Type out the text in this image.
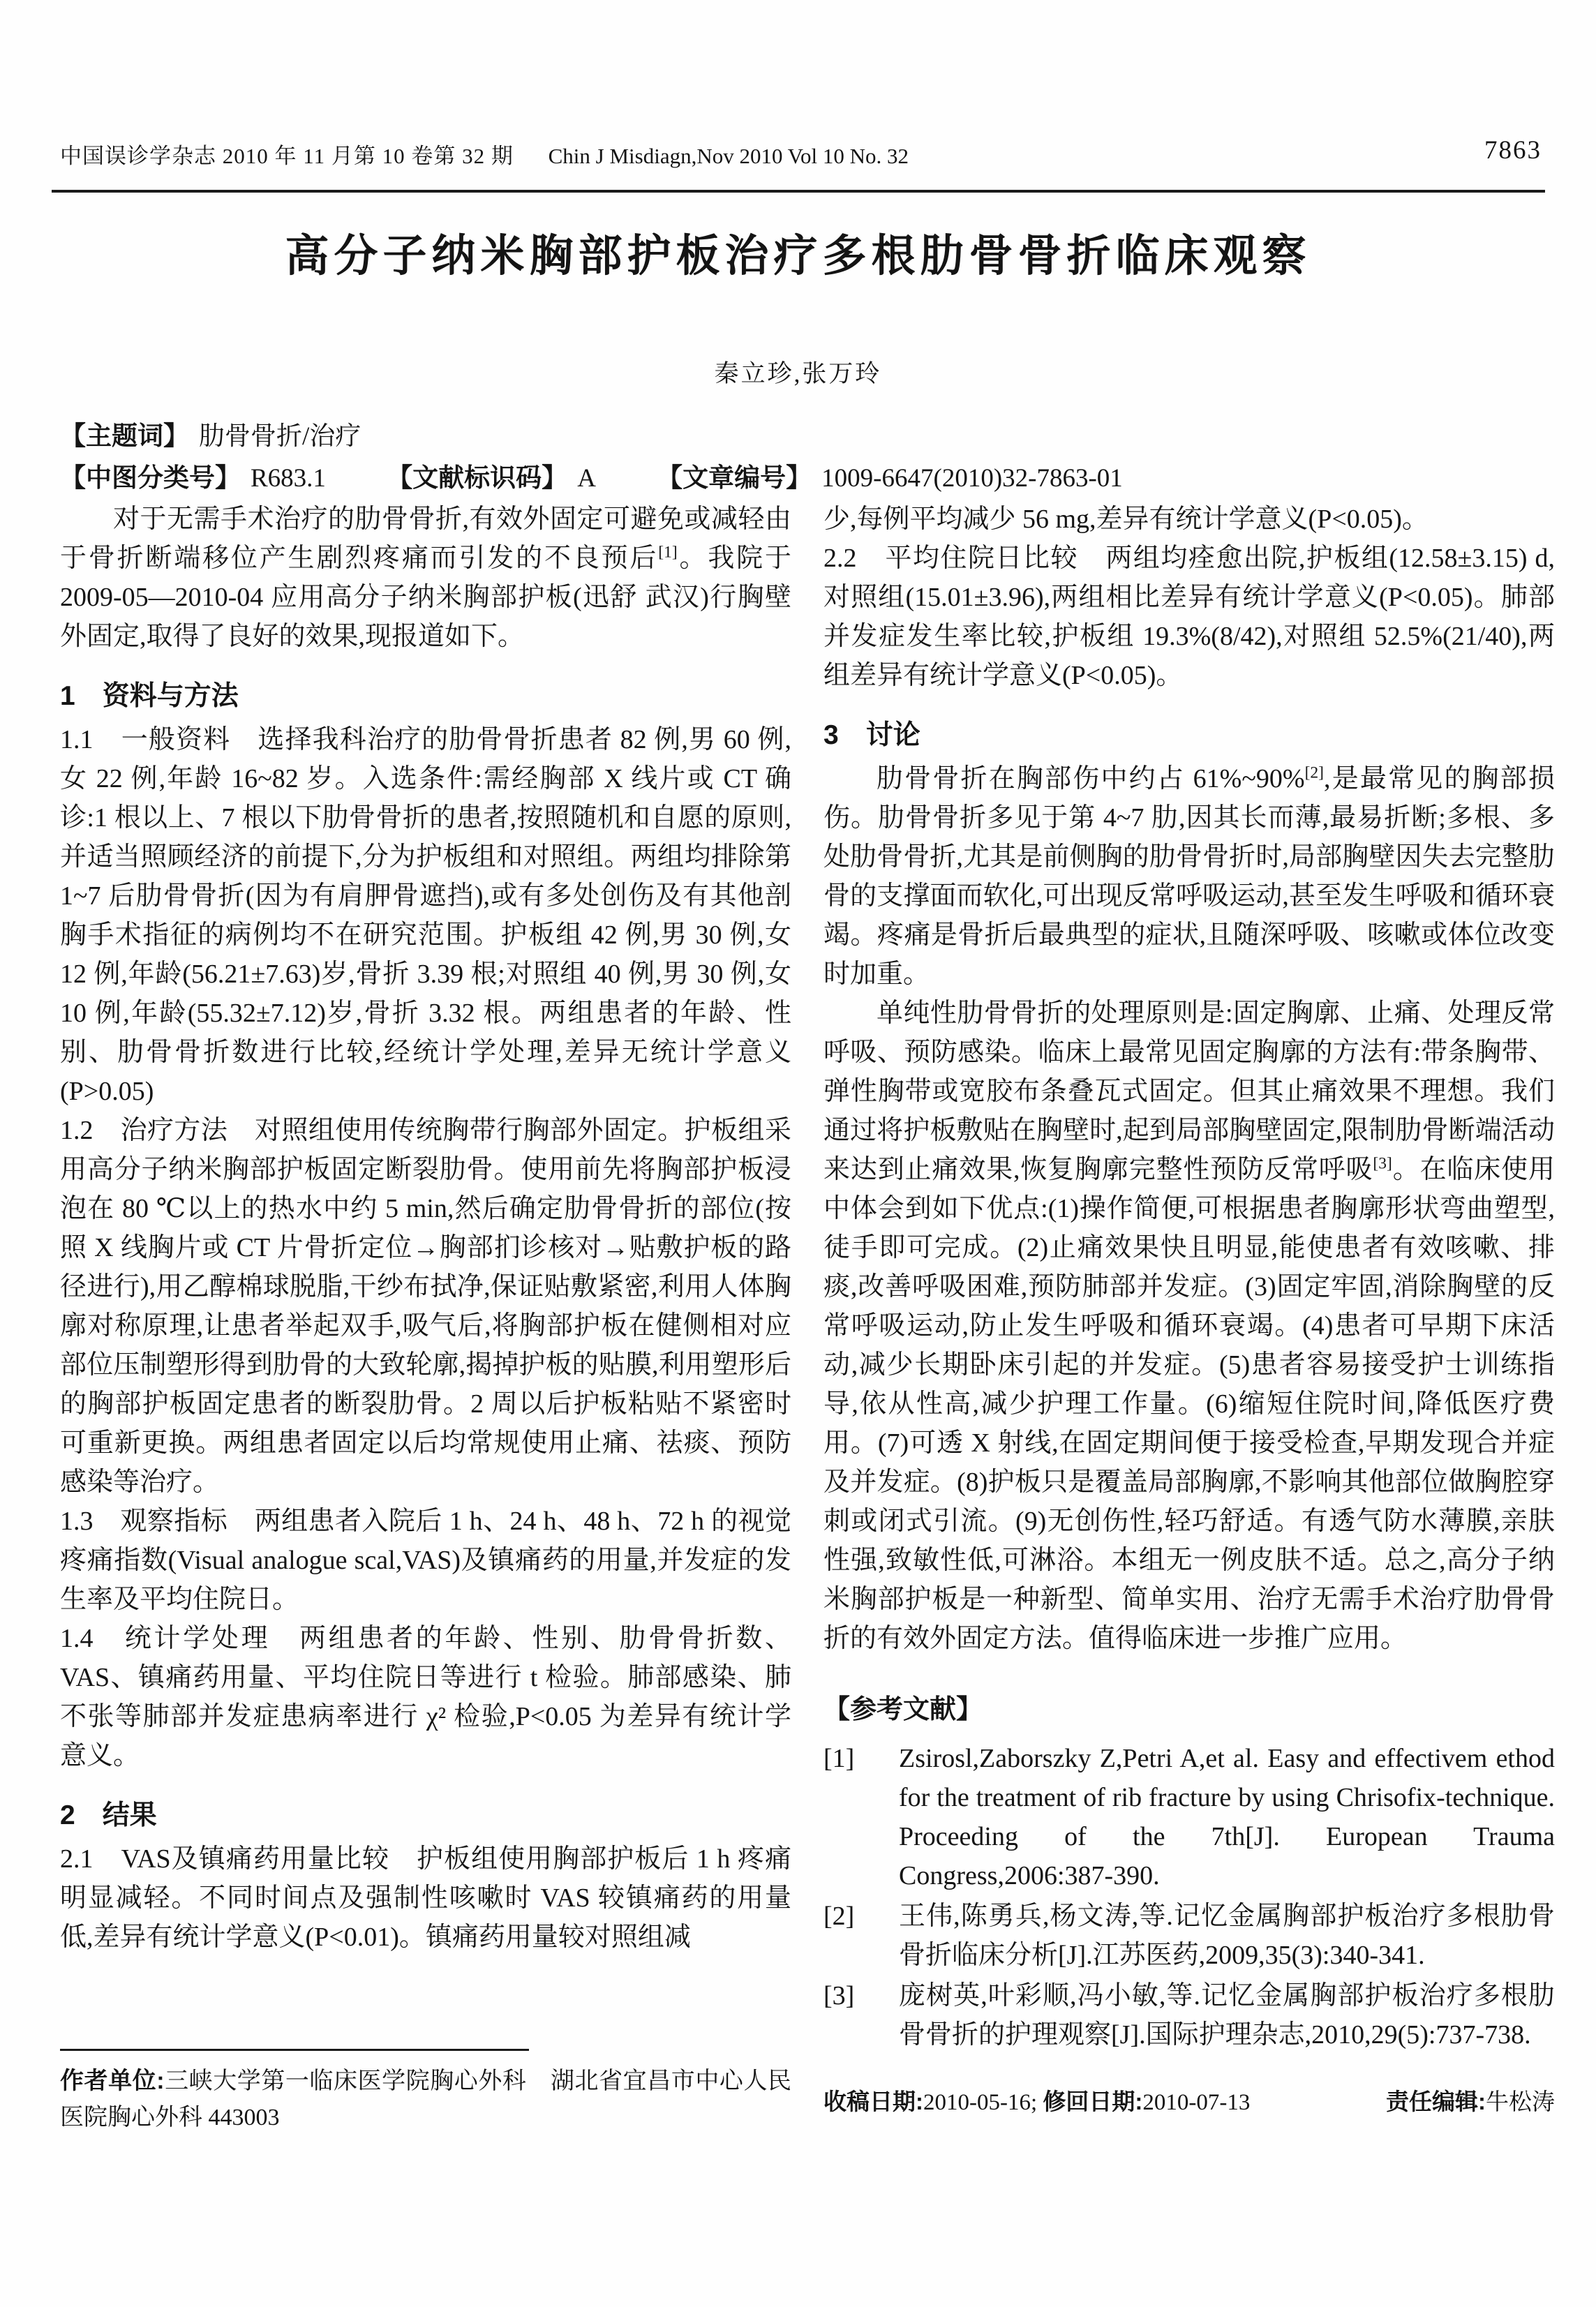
中国误诊学杂志 2010 年 11 月第 10 卷第 32 期 Chin J Misdiagn,Nov 2010 Vol 10 No. 32	7863
高分子纳米胸部护板治疗多根肋骨骨折临床观察
秦立珍,张万玲
【主题词】 肋骨骨折/治疗
【中图分类号】 R683.1 【文献标识码】 A 【文章编号】 1009-6647(2010)32-7863-01

对于无需手术治疗的肋骨骨折,有效外固定可避免或减轻由于骨折断端移位产生剧烈疼痛而引发的不良预后[1]。我院于 2009-05—2010-04 应用高分子纳米胸部护板(迅舒 武汉)行胸壁外固定,取得了良好的效果,现报道如下。

1　资料与方法

1.1　一般资料　选择我科治疗的肋骨骨折患者 82 例,男 60 例,女 22 例,年龄 16~82 岁。入选条件:需经胸部 X 线片或 CT 确诊:1 根以上、7 根以下肋骨骨折的患者,按照随机和自愿的原则,并适当照顾经济的前提下,分为护板组和对照组。两组均排除第 1~7 后肋骨骨折(因为有肩胛骨遮挡),或有多处创伤及有其他剖胸手术指征的病例均不在研究范围。护板组 42 例,男 30 例,女 12 例,年龄(56.21±7.63)岁,骨折 3.39 根;对照组 40 例,男 30 例,女 10 例,年龄(55.32±7.12)岁,骨折 3.32 根。两组患者的年龄、性别、肋骨骨折数进行比较,经统计学处理,差异无统计学意义(P>0.05)

1.2　治疗方法　对照组使用传统胸带行胸部外固定。护板组采用高分子纳米胸部护板固定断裂肋骨。使用前先将胸部护板浸泡在 80 ℃以上的热水中约 5 min,然后确定肋骨骨折的部位(按照 X 线胸片或 CT 片骨折定位→胸部扪诊核对→贴敷护板的路径进行),用乙醇棉球脱脂,干纱布拭净,保证贴敷紧密,利用人体胸廓对称原理,让患者举起双手,吸气后,将胸部护板在健侧相对应部位压制塑形得到肋骨的大致轮廓,揭掉护板的贴膜,利用塑形后的胸部护板固定患者的断裂肋骨。2 周以后护板粘贴不紧密时可重新更换。两组患者固定以后均常规使用止痛、祛痰、预防感染等治疗。

1.3　观察指标　两组患者入院后 1 h、24 h、48 h、72 h 的视觉疼痛指数(Visual analogue scal,VAS)及镇痛药的用量,并发症的发生率及平均住院日。

1.4　统计学处理　两组患者的年龄、性别、肋骨骨折数、VAS、镇痛药用量、平均住院日等进行 t 检验。肺部感染、肺不张等肺部并发症患病率进行 χ² 检验,P<0.05 为差异有统计学意义。

2　结果

2.1　VAS及镇痛药用量比较　护板组使用胸部护板后 1 h 疼痛明显减轻。不同时间点及强制性咳嗽时 VAS 较镇痛药的用量低,差异有统计学意义(P<0.01)。镇痛药用量较对照组减

少,每例平均减少 56 mg,差异有统计学意义(P<0.05)。

2.2　平均住院日比较　两组均痊愈出院,护板组(12.58±3.15) d,对照组(15.01±3.96),两组相比差异有统计学意义(P<0.05)。肺部并发症发生率比较,护板组 19.3%(8/42),对照组 52.5%(21/40),两组差异有统计学意义(P<0.05)。

3　讨论

肋骨骨折在胸部伤中约占 61%~90%[2],是最常见的胸部损伤。肋骨骨折多见于第 4~7 肋,因其长而薄,最易折断;多根、多处肋骨骨折,尤其是前侧胸的肋骨骨折时,局部胸壁因失去完整肋骨的支撑面而软化,可出现反常呼吸运动,甚至发生呼吸和循环衰竭。疼痛是骨折后最典型的症状,且随深呼吸、咳嗽或体位改变时加重。

单纯性肋骨骨折的处理原则是:固定胸廓、止痛、处理反常呼吸、预防感染。临床上最常见固定胸廓的方法有:带条胸带、弹性胸带或宽胶布条叠瓦式固定。但其止痛效果不理想。我们通过将护板敷贴在胸壁时,起到局部胸壁固定,限制肋骨断端活动来达到止痛效果,恢复胸廓完整性预防反常呼吸[3]。在临床使用中体会到如下优点:(1)操作简便,可根据患者胸廓形状弯曲塑型,徒手即可完成。(2)止痛效果快且明显,能使患者有效咳嗽、排痰,改善呼吸困难,预防肺部并发症。(3)固定牢固,消除胸壁的反常呼吸运动,防止发生呼吸和循环衰竭。(4)患者可早期下床活动,减少长期卧床引起的并发症。(5)患者容易接受护士训练指导,依从性高,减少护理工作量。(6)缩短住院时间,降低医疗费用。(7)可透 X 射线,在固定期间便于接受检查,早期发现合并症及并发症。(8)护板只是覆盖局部胸廓,不影响其他部位做胸腔穿刺或闭式引流。(9)无创伤性,轻巧舒适。有透气防水薄膜,亲肤性强,致敏性低,可淋浴。本组无一例皮肤不适。总之,高分子纳米胸部护板是一种新型、简单实用、治疗无需手术治疗肋骨骨折的有效外固定方法。值得临床进一步推广应用。

【参考文献】
[1]	Zsirosl,Zaborszky Z,Petri A,et al. Easy and effectivem ethod for the treatment of rib fracture by using Chrisofix-technique. Proceeding of the 7th[J]. European Trauma Congress,2006:387-390.
[2]	王伟,陈勇兵,杨文涛,等.记忆金属胸部护板治疗多根肋骨骨折临床分析[J].江苏医药,2009,35(3):340-341.
[3]	庞树英,叶彩顺,冯小敏,等.记忆金属胸部护板治疗多根肋骨骨折的护理观察[J].国际护理杂志,2010,29(5):737-738.
作者单位:三峡大学第一临床医学院胸心外科　湖北省宜昌市中心人民医院胸心外科 443003
收稿日期:2010-05-16; 修回日期:2010-07-13	责任编辑:牛松涛
